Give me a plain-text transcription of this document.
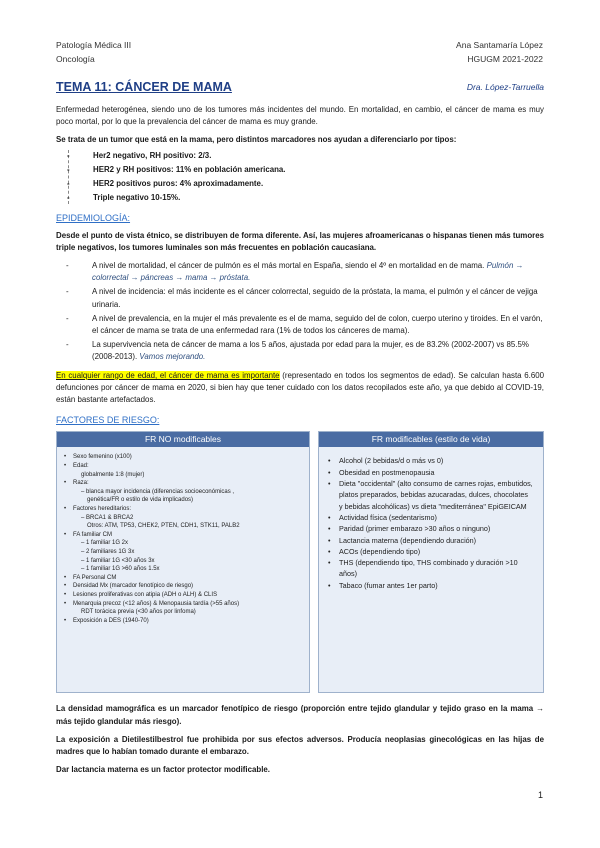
Patología Médica III
Oncología
Ana Santamaría López
HGUGM 2021-2022
TEMA 11: CÁNCER DE MAMA	Dra. López-Tarruella

Enfermedad heterogénea, siendo uno de los tumores más incidentes del mundo. En mortalidad, en cambio, el cáncer de mama es muy poco mortal, por lo que la prevalencia del cáncer de mama es muy grande.

Se trata de un tumor que está en la mama, pero distintos marcadores nos ayudan a diferenciarlo por tipos:

- Her2 negativo, RH positivo: 2/3.
- HER2 y RH positivos: 11% en población americana.
- HER2 positivos puros: 4% aproximadamente.
- Triple negativo 10-15%.
EPIDEMIOLOGÍA:

Desde el punto de vista étnico, se distribuyen de forma diferente. Así, las mujeres afroamericanas o hispanas tienen más tumores triple negativos, los tumores luminales son más frecuentes en población caucasiana.

- A nivel de mortalidad, el cáncer de pulmón es el más mortal en España, siendo el 4º en mortalidad en de mama. Pulmón → colorrectal → páncreas → mama → próstata.
- A nivel de incidencia: el más incidente es el cáncer colorrectal, seguido de la próstata, la mama, el pulmón y el cáncer de vejiga urinaria.
- A nivel de prevalencia, en la mujer el más prevalente es el de mama, seguido del de colon, cuerpo uterino y tiroides. En el varón, el cáncer de mama se trata de una enfermedad rara (1% de todos los cánceres de mama).
- La supervivencia neta de cáncer de mama a los 5 años, ajustada por edad para la mujer, es de 83.2% (2002-2007) vs 85.5% (2008-2013). Vamos mejorando.

En cualquier rango de edad, el cáncer de mama es importante (representado en todos los segmentos de edad). Se calculan hasta 6.600 defunciones por cáncer de mama en 2020, si bien hay que tener cuidado con los datos recopilados este año, ya que debido al COVID-19, están bastante artefactados.

FACTORES DE RIESGO:
FR NO modificables
• Sexo femenino (x100)
• Edad:
globalmente 1:8 (mujer)
• Raza:
– blanca mayor incidencia (diferencias socioeconómicas ,
genética/FR o estilo de vida implicados)
• Factores hereditarios:
– BRCA1 & BRCA2
Otros: ATM, TP53, CHEK2, PTEN, CDH1, STK11, PALB2
• FA familiar CM
– 1 familiar 1G 2x
– 2 familiares 1G 3x
– 1 familiar 1G <30 años 3x
– 1 familiar 1G >60 años 1.5x
• FA Personal CM
• Densidad Mx (marcador fenotípico de riesgo)
• Lesiones proliferativas con atipia (ADH o ALH) & CLIS
• Menarquia precoz (<12 años) & Menopausia tardía (>55 años)
RDT torácica previa (<30 años por linfoma)
• Exposición a DES (1940-70)
FR modificables (estilo de vida)
• Alcohol (2 bebidas/d o más vs 0)
• Obesidad en postmenopausia
• Dieta "occidental" (alto consumo de carnes rojas, embutidos, platos preparados, bebidas azucaradas, dulces, chocolates y bebidas alcohólicas) vs dieta "mediterránea" EpiGEICAM
• Actividad física (sedentarismo)
• Paridad (primer embarazo >30 años o ninguno)
• Lactancia materna (dependiendo duración)
• ACOs (dependiendo tipo)
• THS (dependiendo tipo, THS combinado y duración >10 años)
• Tabaco (fumar antes 1er parto)

La densidad mamográfica es un marcador fenotípico de riesgo (proporción entre tejido glandular y tejido graso en la mama → más tejido glandular más riesgo).

La exposición a Dietilestilbestrol fue prohibida por sus efectos adversos. Producía neoplasias ginecológicas en las hijas de madres que lo habían tomado durante el embarazo.

Dar lactancia materna es un factor protector modificable.

1
